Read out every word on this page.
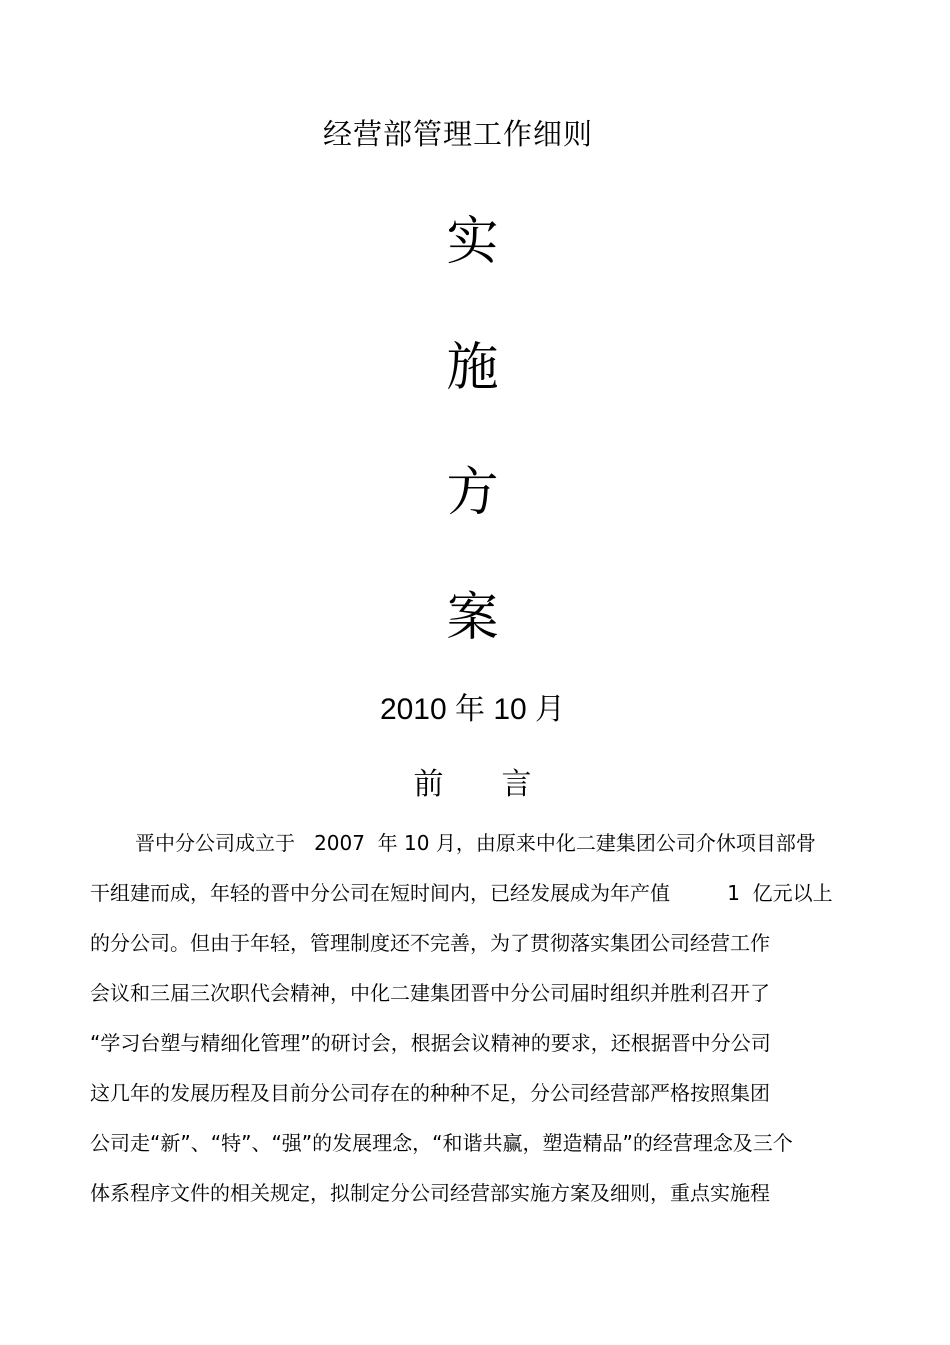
经营部管理工作细则
实
施
方
案
2010 年 10 月
前 言
晋中分公司成立于   2007  年 10 月，由原来中化二建集团公司介休项目部骨
干组建而成，年轻的晋中分公司在短时间内，已经发展成为年产值         1  亿元以上
的分公司。但由于年轻，管理制度还不完善，为了贯彻落实集团公司经营工作
会议和三届三次职代会精神，中化二建集团晋中分公司届时组织并胜利召开了
“学习台塑与精细化管理”的研讨会，根据会议精神的要求，还根据晋中分公司
这几年的发展历程及目前分公司存在的种种不足，分公司经营部严格按照集团
公司走“新”、“特”、“强”的发展理念，“和谐共赢，塑造精品”的经营理念及三个
体系程序文件的相关规定，拟制定分公司经营部实施方案及细则，重点实施程
